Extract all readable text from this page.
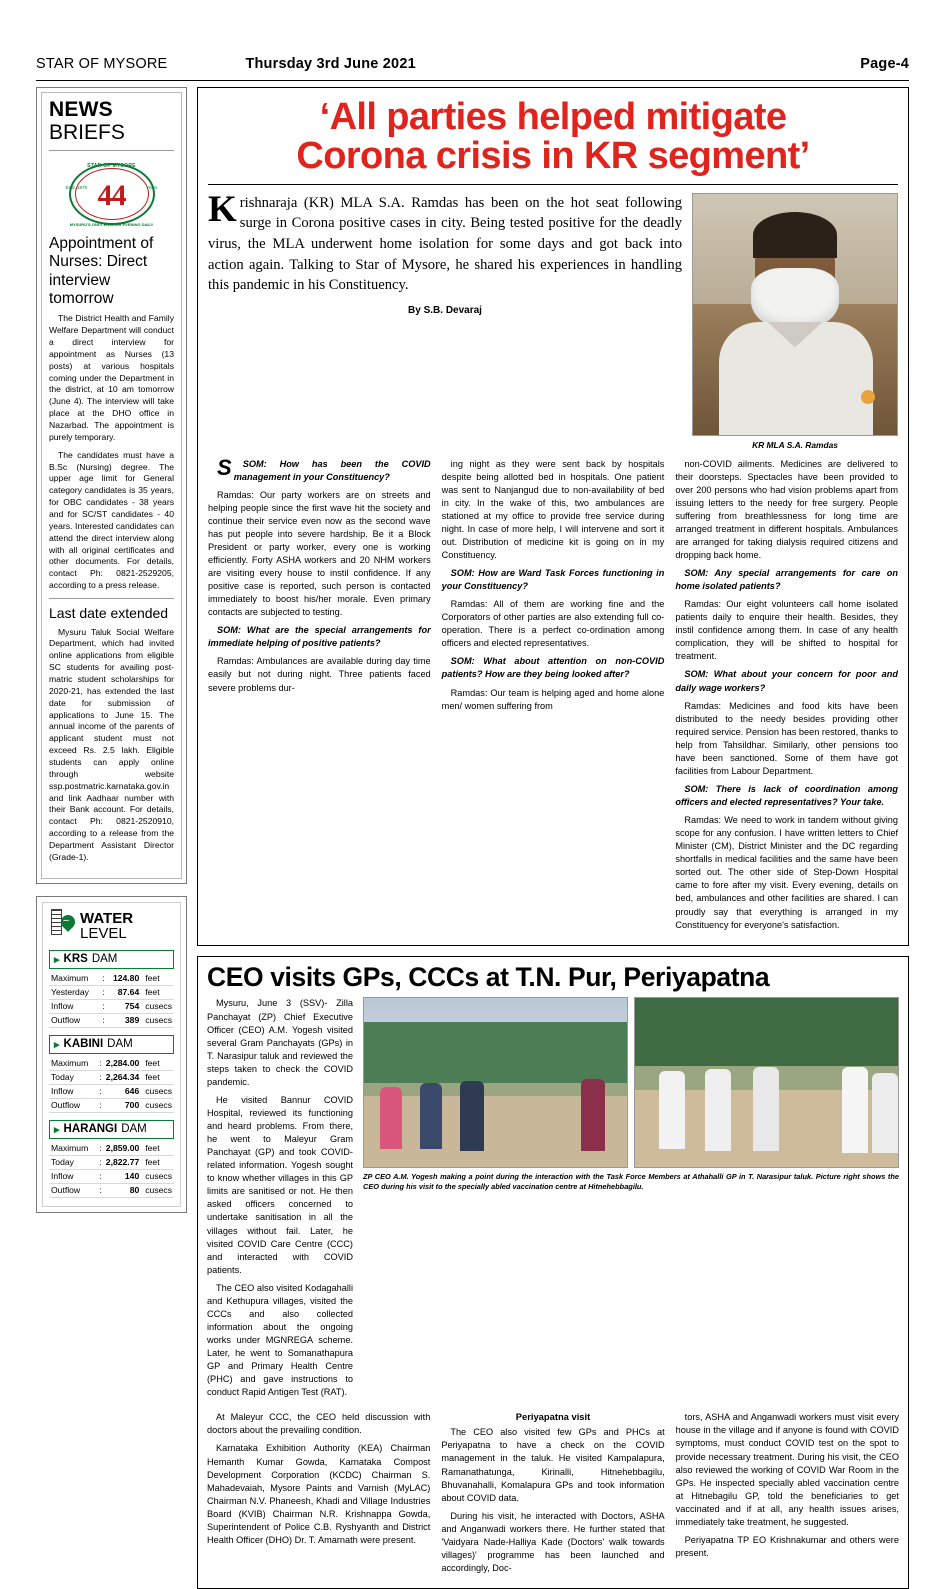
STAR OF MYSORE	Thursday 3rd June 2021	Page-4
NEWS
BRIEFS
STAR OF MYSORE
Estd. 1978	Years
44
MYSURU'S ONLY ENGLISH EVENING DAILY
Appointment of Nurses: Direct interview tomorrow

The District Health and Family Welfare Department will conduct a direct interview for appointment as Nurses (13 posts) at various hospitals coming under the Department in the district, at 10 am tomorrow (June 4). The interview will take place at the DHO office in Nazarbad. The appointment is purely temporary.

The candidates must have a B.Sc (Nursing) degree. The upper age limit for General category candidates is 35 years, for OBC candidates - 38 years and for SC/ST candidates - 40 years. Interested candidates can attend the direct interview along with all original certificates and other documents. For details, contact Ph: 0821-2529205, according to a press release.

Last date extended

Mysuru Taluk Social Welfare Department, which had invited online applications from eligible SC students for availing post-matric student scholarships for 2020-21, has extended the last date for submission of applications to June 15. The annual income of the parents of applicant student must not exceed Rs. 2.5 lakh. Eligible students can apply online through website ssp.postmatric.karnataka.gov.in and link Aadhaar number with their Bank account. For details, contact Ph: 0821-2520910, according to a release from the Department Assistant Director (Grade-1).

−
WATER
LEVEL
▸ KRS DAM
Maximum	:	124.80	feet
Yesterday	:	87.64	feet
Inflow	:	754	cusecs
Outflow	:	389	cusecs
▸ KABINI DAM
Maximum	:	2,284.00	feet
Today	:	2,264.34	feet
Inflow	:	646	cusecs
Outflow	:	700	cusecs
▸ HARANGI DAM
Maximum	:	2,859.00	feet
Today	:	2,822.77	feet
Inflow	:	140	cusecs
Outflow	:	80	cusecs
‘All parties helped mitigate
Corona crisis in KR segment’
Krishnaraja (KR) MLA S.A. Ramdas has been on the hot seat following surge in Corona positive cases in city. Being tested positive for the deadly virus, the MLA underwent home isolation for some days and got back into action again. Talking to Star of Mysore, he shared his experiences in handling this pandemic in his Constituency.
By S.B. Devaraj
KR MLA S.A. Ramdas

S SOM: How has been the COVID management in your Constituency?

Ramdas: Our party workers are on streets and helping people since the first wave hit the society and continue their service even now as the second wave has put people into severe hardship. Be it a Block President or party worker, every one is working efficiently. Forty ASHA workers and 20 NHM workers are visiting every house to instil confidence. If any positive case is reported, such person is contacted immediately to boost his/her morale. Even primary contacts are subjected to testing.

SOM: What are the special arrangements for immediate helping of positive patients?

Ramdas: Ambulances are available during day time easily but not during night. Three patients faced severe problems dur-

ing night as they were sent back by hospitals despite being allotted bed in hospitals. One patient was sent to Nanjangud due to non-availability of bed in city. In the wake of this, two ambulances are stationed at my office to provide free service during night. In case of more help, I will intervene and sort it out. Distribution of medicine kit is going on in my Constituency.

SOM: How are Ward Task Forces functioning in your Constituency?

Ramdas: All of them are working fine and the Corporators of other parties are also extending full co-operation. There is a perfect co-ordination among officers and elected representatives.

SOM: What about attention on non-COVID patients? How are they being looked after?

Ramdas: Our team is helping aged and home alone men/ women suffering from

non-COVID ailments. Medicines are delivered to their doorsteps. Spectacles have been provided to over 200 persons who had vision problems apart from issuing letters to the needy for free surgery. People suffering from breathlessness for long time are arranged treatment in different hospitals. Ambulances are arranged for taking dialysis required citizens and dropping back home.

SOM: Any special arrangements for care on home isolated patients?

Ramdas: Our eight volunteers call home isolated patients daily to enquire their health. Besides, they instil confidence among them. In case of any health complication, they will be shifted to hospital for treatment.

SOM: What about your concern for poor and daily wage workers?

Ramdas: Medicines and food kits have been distributed to the needy besides providing other required service. Pension has been restored, thanks to help from Tahsildhar. Similarly, other pensions too have been sanctioned. Some of them have got facilities from Labour Department.

SOM: There is lack of coordination among officers and elected representatives? Your take.

Ramdas: We need to work in tandem without giving scope for any confusion. I have written letters to Chief Minister (CM), District Minister and the DC regarding shortfalls in medical facilities and the same have been sorted out. The other side of Step-Down Hospital came to fore after my visit. Every evening, details on bed, ambulances and other facilities are shared. I can proudly say that everything is arranged in my Constituency for everyone's satisfaction.

CEO visits GPs, CCCs at T.N. Pur, Periyapatna

Mysuru, June 3 (SSV)- Zilla Panchayat (ZP) Chief Executive Officer (CEO) A.M. Yogesh visited several Gram Panchayats (GPs) in T. Narasipur taluk and reviewed the steps taken to check the COVID pandemic.

He visited Bannur COVID Hospital, reviewed its functioning and heard problems. From there, he went to Maleyur Gram Panchayat (GP) and took COVID-related information. Yogesh sought to know whether villages in this GP limits are sanitised or not. He then asked officers concerned to undertake sanitisation in all the villages without fail. Later, he visited COVID Care Centre (CCC) and interacted with COVID patients.

The CEO also visited Kodagahalli and Kethupura villages, visited the CCCs and also collected information about the ongoing works under MGNREGA scheme. Later, he went to Somanathapura GP and Primary Health Centre (PHC) and gave instructions to conduct Rapid Antigen Test (RAT).

ZP CEO A.M. Yogesh making a point during the interaction with the Task Force Members at Athahalli GP in T. Narasipur taluk. Picture right shows the CEO during his visit to the specially abled vaccination centre at Hitnehebbagilu.

At Maleyur CCC, the CEO held discussion with doctors about the prevailing condition.

Karnataka Exhibition Authority (KEA) Chairman Hemanth Kumar Gowda, Karnataka Compost Development Corporation (KCDC) Chairman S. Mahadevaiah, Mysore Paints and Varnish (MyLAC) Chairman N.V. Phaneesh, Khadi and Village Industries Board (KVIB) Chairman N.R. Krishnappa Gowda, Superintendent of Police C.B. Ryshyanth and District Health Officer (DHO) Dr. T. Amarnath were present.

Periyapatna visit

The CEO also visited few GPs and PHCs at Periyapatna to have a check on the COVID management in the taluk. He visited Kampalapura, Ramanathatunga, Kirinalli, Hitnehebbagilu, Bhuvanahalli, Komalapura GPs and took information about COVID data.

During his visit, he interacted with Doctors, ASHA and Anganwadi workers there. He further stated that 'Vaidyara Nade-Halliya Kade (Doctors' walk towards villages)' programme has been launched and accordingly, Doc-

tors, ASHA and Anganwadi workers must visit every house in the village and if anyone is found with COVID symptoms, must conduct COVID test on the spot to provide necessary treatment. During his visit, the CEO also reviewed the working of COVID War Room in the GPs. He inspected specially abled vaccination centre at Hitnebagilu GP, told the beneficiaries to get vaccinated and if at all, any health issues arises, immediately take treatment, he suggested.

Periyapatna TP EO Krishnakumar and others were present.
